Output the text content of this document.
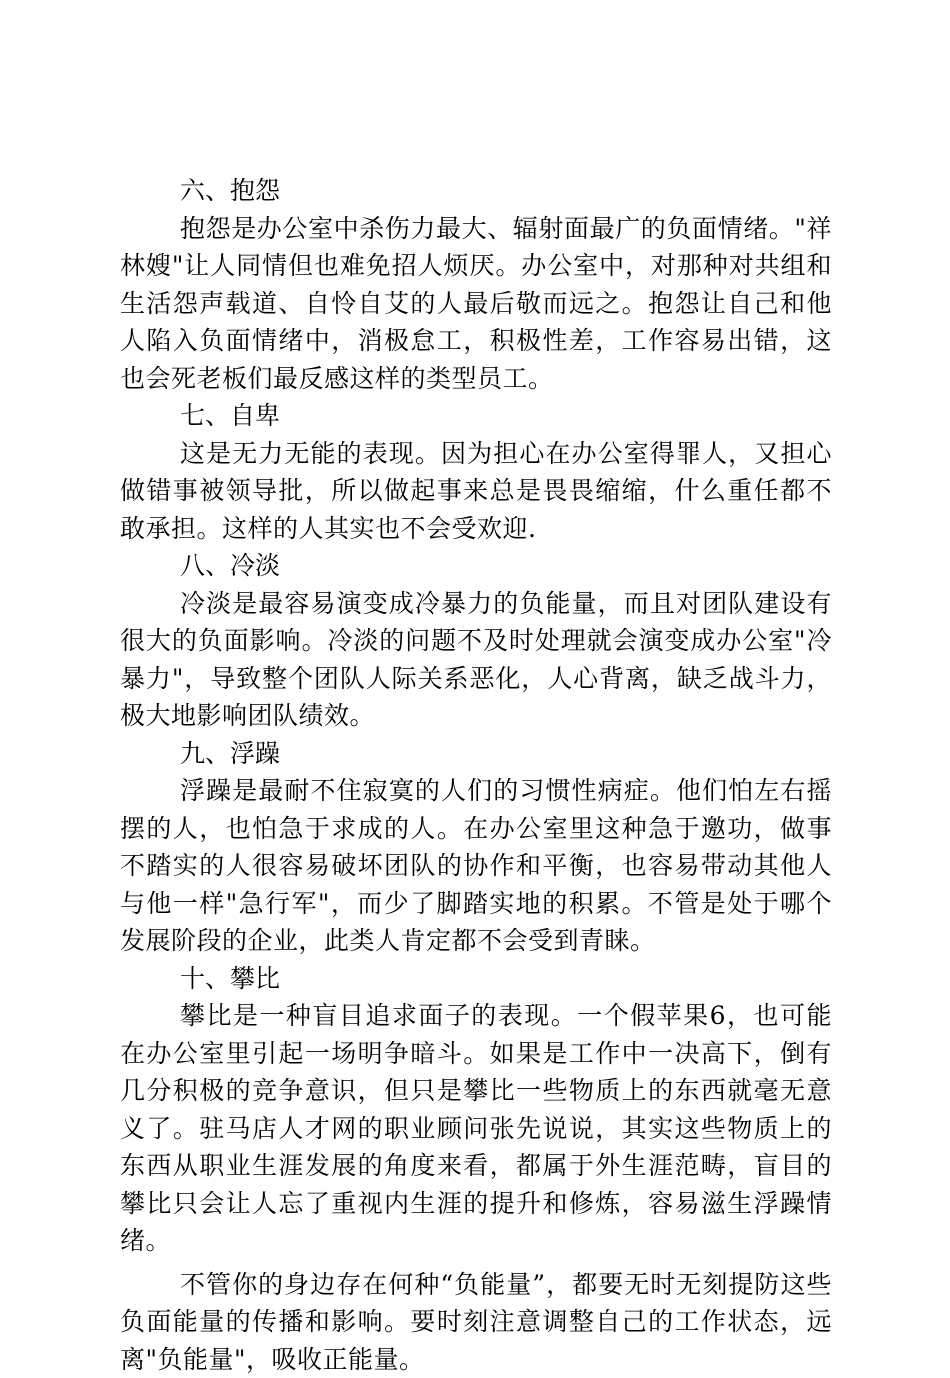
六、抱怨

抱怨是办公室中杀伤力最大、辐射面最广的负面情绪。"祥林嫂"让人同情但也难免招人烦厌。办公室中，对那种对共组和生活怨声载道、自怜自艾的人最后敬而远之。抱怨让自己和他人陷入负面情绪中，消极怠工，积极性差，工作容易出错，这也会死老板们最反感这样的类型员工。

七、自卑

这是无力无能的表现。因为担心在办公室得罪人，又担心做错事被领导批，所以做起事来总是畏畏缩缩，什么重任都不敢承担。这样的人其实也不会受欢迎.

八、冷淡

冷淡是最容易演变成冷暴力的负能量，而且对团队建设有很大的负面影响。冷淡的问题不及时处理就会演变成办公室"冷暴力"，导致整个团队人际关系恶化，人心背离，缺乏战斗力，极大地影响团队绩效。

九、浮躁

浮躁是最耐不住寂寞的人们的习惯性病症。他们怕左右摇摆的人，也怕急于求成的人。在办公室里这种急于邀功，做事不踏实的人很容易破坏团队的协作和平衡，也容易带动其他人与他一样"急行军"，而少了脚踏实地的积累。不管是处于哪个发展阶段的企业，此类人肯定都不会受到青睐。

十、攀比

攀比是一种盲目追求面子的表现。一个假苹果6，也可能在办公室里引起一场明争暗斗。如果是工作中一决高下，倒有几分积极的竞争意识，但只是攀比一些物质上的东西就毫无意义了。驻马店人才网的职业顾问张先说说，其实这些物质上的东西从职业生涯发展的角度来看，都属于外生涯范畴，盲目的攀比只会让人忘了重视内生涯的提升和修炼，容易滋生浮躁情绪。

不管你的身边存在何种“负能量”，都要无时无刻提防这些负面能量的传播和影响。要时刻注意调整自己的工作状态，远离"负能量"，吸收正能量。
